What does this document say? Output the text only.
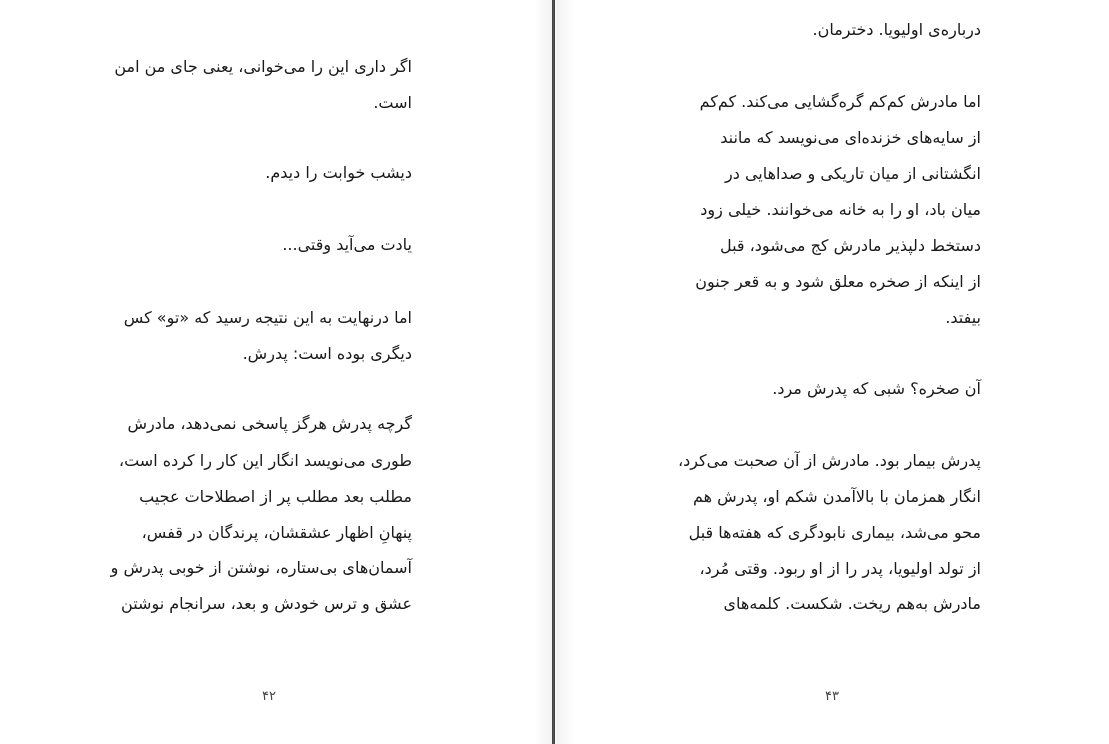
اگر داری این را می‌خوانی، یعنی جای من امن
است.
دیشب خوابت را دیدم.
یادت می‌آید وقتی...
اما درنهایت به این نتیجه رسید که «تو» کس
دیگری بوده است: پدرش.
گرچه پدرش هرگز پاسخی نمی‌دهد، مادرش
طوری می‌نویسد انگار این کار را کرده است،
مطلب بعد مطلب پر از اصطلاحات عجیب
پنهانِ اظهار عشقشان، پرندگان در قفس،
آسمان‌های بی‌ستاره، نوشتن از خوبی پدرش و
عشق و ترس خودش و بعد، سرانجام نوشتن
۴۲
درباره‌ی اولیویا. دخترمان.
اما مادرش کم‌کم گره‌گشایی می‌کند. کم‌کم
از سایه‌های خزنده‌ای می‌نویسد که مانند
انگشتانی از میان تاریکی و صداهایی در
میان باد، او را به خانه می‌خوانند. خیلی زود
دستخط دلپذیر مادرش کج می‌شود، قبل
از اینکه از صخره معلق شود و به قعر جنون
بیفتد.
آن صخره؟ شبی که پدرش مرد.
پدرش بیمار بود. مادرش از آن صحبت می‌کرد،
انگار همزمان با بالاآمدن شکم او، پدرش هم
محو می‌شد، بیماری نابودگری که هفته‌ها قبل
از تولد اولیویا، پدر را از او ربود. وقتی مُرد،
مادرش به‌هم ریخت. شکست. کلمه‌های
۴۳
